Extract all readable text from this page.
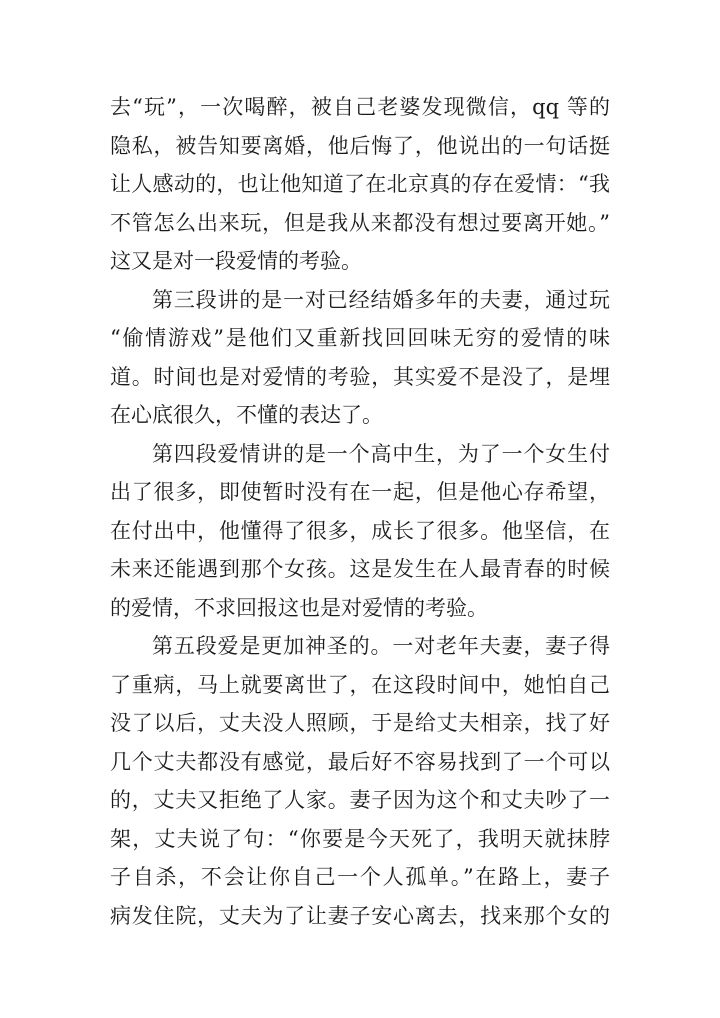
去“玩”，一次喝醉，被自己老婆发现微信，qq 等的
隐私，被告知要离婚，他后悔了，他说出的一句话挺
让人感动的，也让他知道了在北京真的存在爱情：“我
不管怎么出来玩，但是我从来都没有想过要离开她。”
这又是对一段爱情的考验。

第三段讲的是一对已经结婚多年的夫妻，通过玩
“偷情游戏”是他们又重新找回回味无穷的爱情的味
道。时间也是对爱情的考验，其实爱不是没了，是埋
在心底很久，不懂的表达了。

第四段爱情讲的是一个高中生，为了一个女生付
出了很多，即使暂时没有在一起，但是他心存希望，
在付出中，他懂得了很多，成长了很多。他坚信，在
未来还能遇到那个女孩。这是发生在人最青春的时候
的爱情，不求回报这也是对爱情的考验。

第五段爱是更加神圣的。一对老年夫妻，妻子得
了重病，马上就要离世了，在这段时间中，她怕自己
没了以后，丈夫没人照顾，于是给丈夫相亲，找了好
几个丈夫都没有感觉，最后好不容易找到了一个可以
的，丈夫又拒绝了人家。妻子因为这个和丈夫吵了一
架，丈夫说了句：“你要是今天死了，我明天就抹脖
子自杀，不会让你自己一个人孤单。”在路上，妻子
病发住院，丈夫为了让妻子安心离去，找来那个女的
